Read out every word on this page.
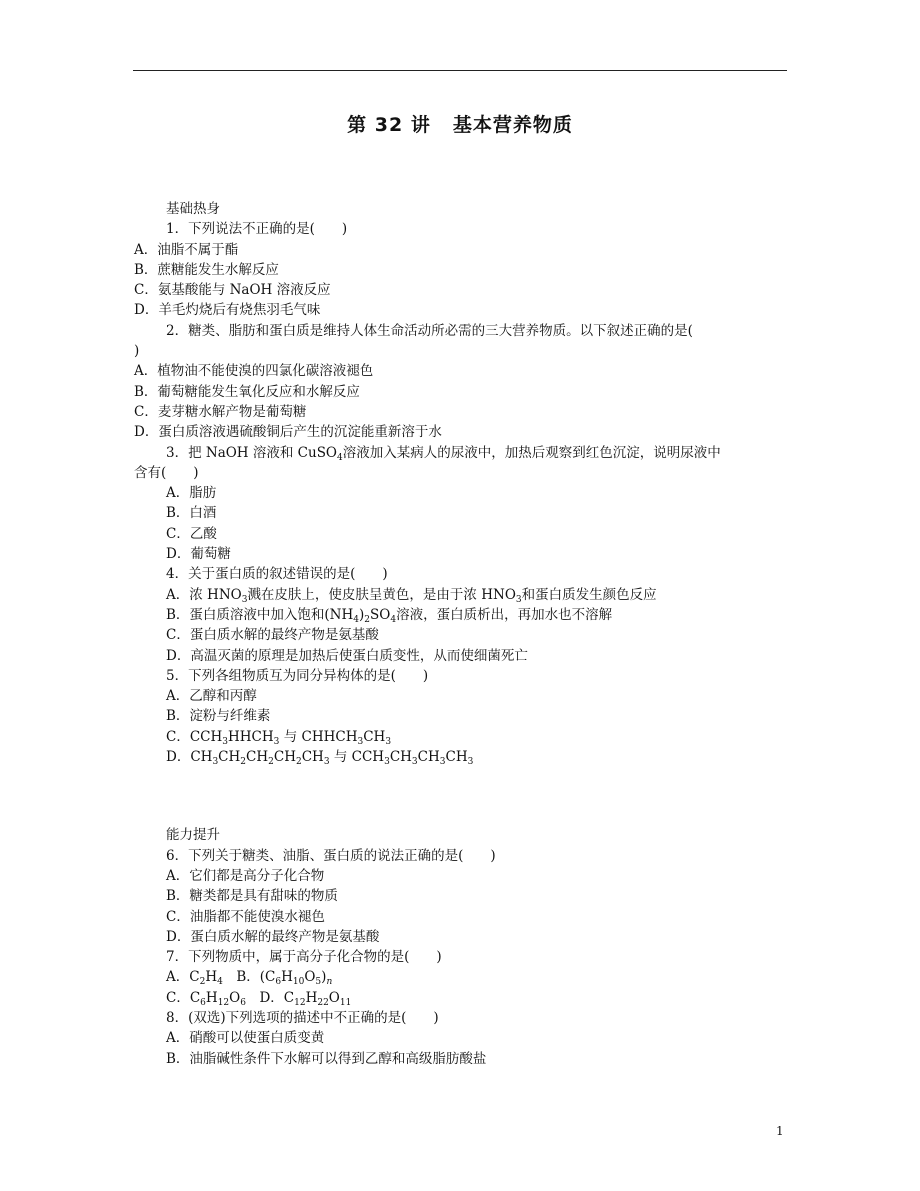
第 32 讲 基本营养物质

基础热身

1．下列说法不正确的是(　　)

A．油脂不属于酯

B．蔗糖能发生水解反应

C．氨基酸能与 NaOH 溶液反应

D．羊毛灼烧后有烧焦羽毛气味

2．糖类、脂肪和蛋白质是维持人体生命活动所必需的三大营养物质。以下叙述正确的是(

)

A．植物油不能使溴的四氯化碳溶液褪色

B．葡萄糖能发生氧化反应和水解反应

C．麦芽糖水解产物是葡萄糖

D．蛋白质溶液遇硫酸铜后产生的沉淀能重新溶于水

3．把 NaOH 溶液和 CuSO$_4$溶液加入某病人的尿液中，加热后观察到红色沉淀，说明尿液中

含有(　　)

A．脂肪

B．白酒

C．乙酸

D．葡萄糖

4．关于蛋白质的叙述错误的是(　　)

A．浓 $HNO_3$溅在皮肤上，使皮肤呈黄色，是由于浓 $HNO_3$和蛋白质发生颜色反应

B．蛋白质溶液中加入饱和$(NH_4)_2SO_4$溶液，蛋白质析出，再加水也不溶解

C．蛋白质水解的最终产物是氨基酸

D．高温灭菌的原理是加热后使蛋白质变性，从而使细菌死亡

5．下列各组物质互为同分异构体的是(　　)

A．乙醇和丙醇

B．淀粉与纤维素

C．$CCH_3HHCH_3$ 与 $CHHCH_3CH_3$

D．$CH_3CH_2CH_2CH_2CH_3$ 与 $CCH_3CH_3CH_3CH_3$

能力提升

6．下列关于糖类、油脂、蛋白质的说法正确的是(　　)

A．它们都是高分子化合物

B．糖类都是具有甜味的物质

C．油脂都不能使溴水褪色

D．蛋白质水解的最终产物是氨基酸

7．下列物质中，属于高分子化合物的是(　　)

A．$C_2H_4$　B．$(C_6H_{10}O_5)_n$

C．$C_6H_{12}O_6$　D．$C_{12}H_{22}O_{11}$

8．(双选)下列选项的描述中不正确的是(　　)

A．硝酸可以使蛋白质变黄

B．油脂碱性条件下水解可以得到乙醇和高级脂肪酸盐

1
